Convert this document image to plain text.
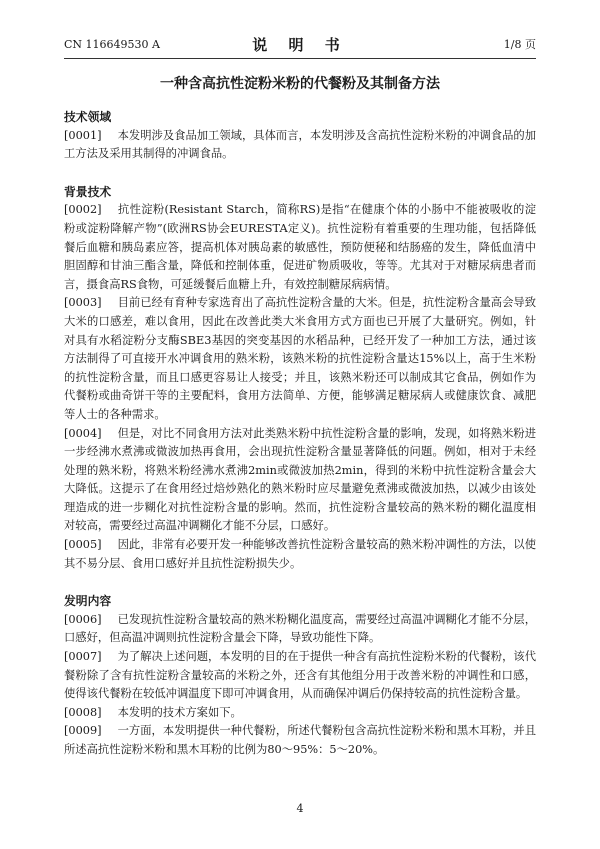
CN 116649530 A	说 明 书	1/8 页
一种含高抗性淀粉米粉的代餐粉及其制备方法

技术领域

[0001] 本发明涉及食品加工领域，具体而言，本发明涉及含高抗性淀粉米粉的冲调食品的加工方法及采用其制得的冲调食品。

背景技术

[0002] 抗性淀粉(Resistant Starch，简称RS)是指“在健康个体的小肠中不能被吸收的淀粉或淀粉降解产物”(欧洲RS协会EURESTA定义)。抗性淀粉有着重要的生理功能，包括降低餐后血糖和胰岛素应答，提高机体对胰岛素的敏感性，预防便秘和结肠癌的发生，降低血清中胆固醇和甘油三酯含量，降低和控制体重，促进矿物质吸收，等等。尤其对于对糖尿病患者而言，摄食高RS食物，可延缓餐后血糖上升，有效控制糖尿病病情。

[0003] 目前已经有育种专家选育出了高抗性淀粉含量的大米。但是，抗性淀粉含量高会导致大米的口感差，难以食用，因此在改善此类大米食用方式方面也已开展了大量研究。例如，针对具有水稻淀粉分支酶SBE3基因的突变基因的水稻品种，已经开发了一种加工方法，通过该方法制得了可直接开水冲调食用的熟米粉，该熟米粉的抗性淀粉含量达15%以上，高于生米粉的抗性淀粉含量，而且口感更容易让人接受；并且，该熟米粉还可以制成其它食品，例如作为代餐粉或曲奇饼干等的主要配料，食用方法简单、方便，能够满足糖尿病人或健康饮食、减肥等人士的各种需求。

[0004] 但是，对比不同食用方法对此类熟米粉中抗性淀粉含量的影响，发现，如将熟米粉进一步经沸水煮沸或微波加热再食用，会出现抗性淀粉含量显著降低的问题。例如，相对于未经处理的熟米粉，将熟米粉经沸水煮沸2min或微波加热2min，得到的米粉中抗性淀粉含量会大大降低。这提示了在食用经过焙炒熟化的熟米粉时应尽量避免煮沸或微波加热，以减少由该处理造成的进一步糊化对抗性淀粉含量的影响。然而，抗性淀粉含量较高的熟米粉的糊化温度相对较高，需要经过高温冲调糊化才能不分层，口感好。

[0005] 因此，非常有必要开发一种能够改善抗性淀粉含量较高的熟米粉冲调性的方法，以使其不易分层、食用口感好并且抗性淀粉损失少。

发明内容

[0006] 已发现抗性淀粉含量较高的熟米粉糊化温度高，需要经过高温冲调糊化才能不分层，口感好，但高温冲调则抗性淀粉含量会下降，导致功能性下降。

[0007] 为了解决上述问题，本发明的目的在于提供一种含有高抗性淀粉米粉的代餐粉，该代餐粉除了含有抗性淀粉含量较高的米粉之外，还含有其他组分用于改善米粉的冲调性和口感，使得该代餐粉在较低冲调温度下即可冲调食用，从而确保冲调后仍保持较高的抗性淀粉含量。

[0008] 本发明的技术方案如下。

[0009] 一方面，本发明提供一种代餐粉，所述代餐粉包含高抗性淀粉米粉和黑木耳粉，并且所述高抗性淀粉米粉和黑木耳粉的比例为80～95%：5～20%。

4
